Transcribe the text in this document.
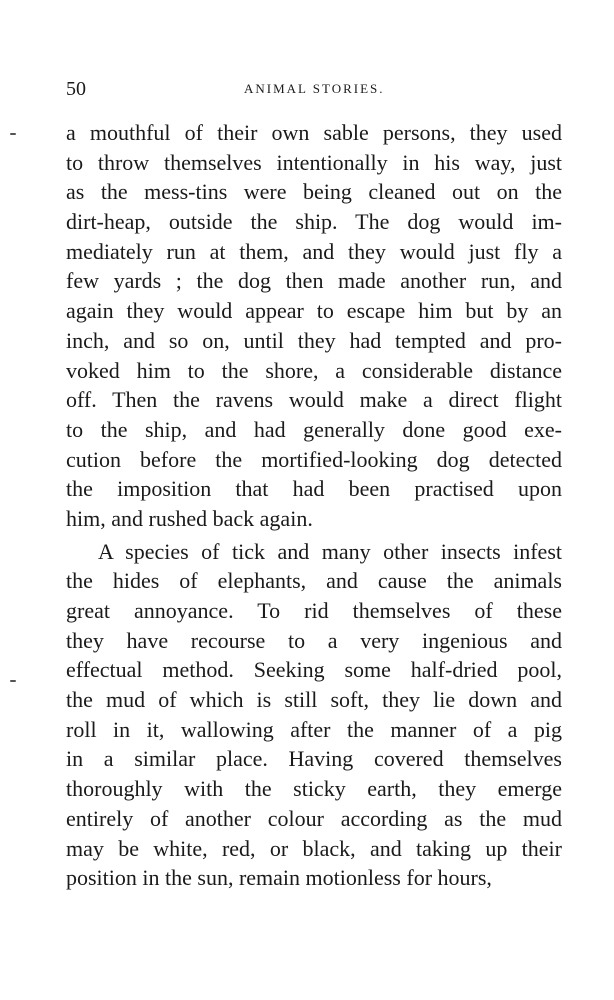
50	ANIMAL STORIES.
a mouthful of their own sable persons, they used
to throw themselves intentionally in his way, just
as the mess-tins were being cleaned out on the
dirt-heap, outside the ship. The dog would im-
mediately run at them, and they would just fly a
few yards ; the dog then made another run, and
again they would appear to escape him but by an
inch, and so on, until they had tempted and pro-
voked him to the shore, a considerable distance
off. Then the ravens would make a direct flight
to the ship, and had generally done good exe-
cution before the mortified-looking dog detected
the imposition that had been practised upon
him, and rushed back again.
A species of tick and many other insects infest
the hides of elephants, and cause the animals
great annoyance. To rid themselves of these
they have recourse to a very ingenious and
effectual method. Seeking some half-dried pool,
the mud of which is still soft, they lie down and
roll in it, wallowing after the manner of a pig
in a similar place. Having covered themselves
thoroughly with the sticky earth, they emerge
entirely of another colour according as the mud
may be white, red, or black, and taking up their
position in the sun, remain motionless for hours,
